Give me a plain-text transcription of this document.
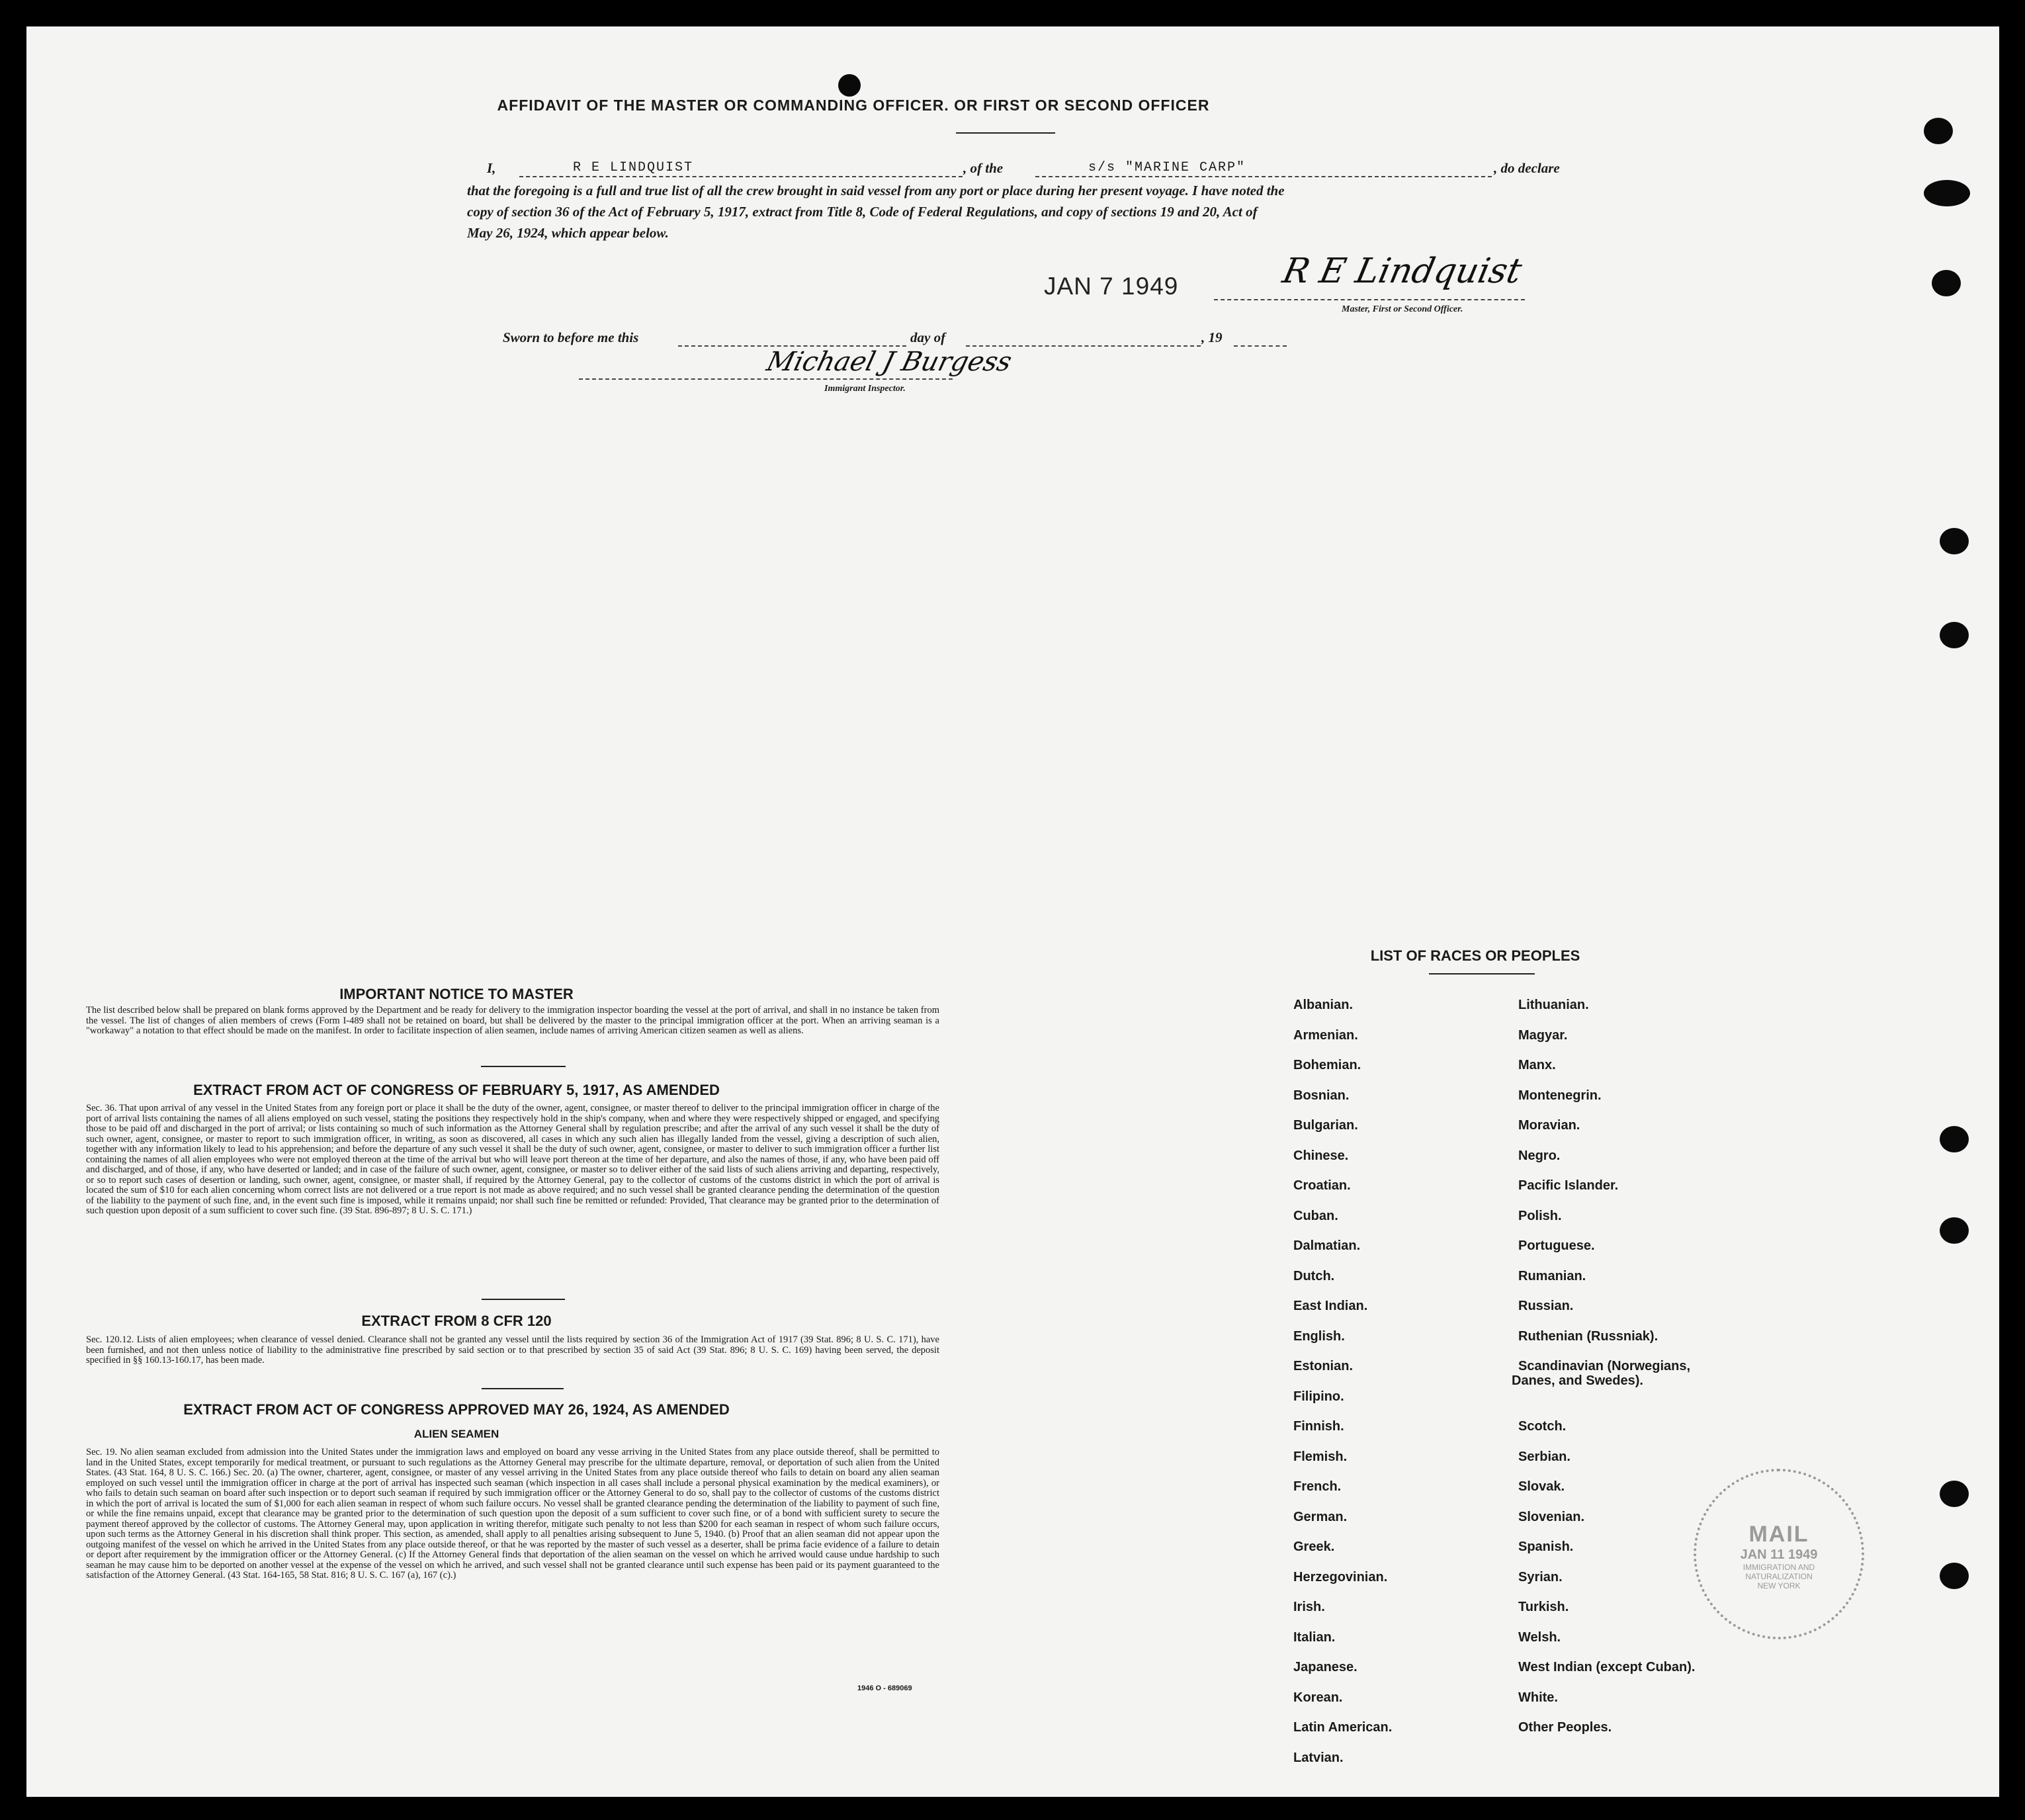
AFFIDAVIT OF THE MASTER OR COMMANDING OFFICER. OR FIRST OR SECOND OFFICER
I,	R E LINDQUIST	, of the	s/s "MARINE CARP"	, do declare
that the foregoing is a full and true list of all the crew brought in said vessel from any port or place during her present voyage. I have noted the
copy of section 36 of the Act of February 5, 1917, extract from Title 8, Code of Federal Regulations, and copy of sections 19 and 20, Act of
May 26, 1924, which appear below.
JAN 7 1949	R E Lindquist
Master, First or Second Officer.
Sworn to before me this	day of	, 19
Michael J Burgess
Immigrant Inspector.
IMPORTANT NOTICE TO MASTER
The list described below shall be prepared on blank forms approved by the Department and be ready for delivery to the immigration inspector boarding the vessel at the port of arrival, and shall in no instance be taken from the vessel. The list of changes of alien members of crews (Form I-489 shall not be retained on board, but shall be delivered by the master to the principal immigration officer at the port. When an arriving seaman is a "workaway" a notation to that effect should be made on the manifest. In order to facilitate inspection of alien seamen, include names of arriving American citizen seamen as well as aliens.
EXTRACT FROM ACT OF CONGRESS OF FEBRUARY 5, 1917, AS AMENDED
Sec. 36. That upon arrival of any vessel in the United States from any foreign port or place it shall be the duty of the owner, agent, consignee, or master thereof to deliver to the principal immigration officer in charge of the port of arrival lists containing the names of all aliens employed on such vessel, stating the positions they respectively hold in the ship's company, when and where they were respectively shipped or engaged, and specifying those to be paid off and discharged in the port of arrival; or lists containing so much of such information as the Attorney General shall by regulation prescribe; and after the arrival of any such vessel it shall be the duty of such owner, agent, consignee, or master to report to such immigration officer, in writing, as soon as discovered, all cases in which any such alien has illegally landed from the vessel, giving a description of such alien, together with any information likely to lead to his apprehension; and before the departure of any such vessel it shall be the duty of such owner, agent, consignee, or master to deliver to such immigration officer a further list containing the names of all alien employees who were not employed thereon at the time of the arrival but who will leave port thereon at the time of her departure, and also the names of those, if any, who have been paid off and discharged, and of those, if any, who have deserted or landed; and in case of the failure of such owner, agent, consignee, or master so to deliver either of the said lists of such aliens arriving and departing, respectively, or so to report such cases of desertion or landing, such owner, agent, consignee, or master shall, if required by the Attorney General, pay to the collector of customs of the customs district in which the port of arrival is located the sum of $10 for each alien concerning whom correct lists are not delivered or a true report is not made as above required; and no such vessel shall be granted clearance pending the determination of the question of the liability to the payment of such fine, and, in the event such fine is imposed, while it remains unpaid; nor shall such fine be remitted or refunded: Provided, That clearance may be granted prior to the determination of such question upon deposit of a sum sufficient to cover such fine. (39 Stat. 896-897; 8 U. S. C. 171.)
EXTRACT FROM 8 CFR 120
Sec. 120.12. Lists of alien employees; when clearance of vessel denied. Clearance shall not be granted any vessel until the lists required by section 36 of the Immigration Act of 1917 (39 Stat. 896; 8 U. S. C. 171), have been furnished, and not then unless notice of liability to the administrative fine prescribed by said section or to that prescribed by section 35 of said Act (39 Stat. 896; 8 U. S. C. 169) having been served, the deposit specified in §§ 160.13-160.17, has been made.
EXTRACT FROM ACT OF CONGRESS APPROVED MAY 26, 1924, AS AMENDED
ALIEN SEAMEN
Sec. 19. No alien seaman excluded from admission into the United States under the immigration laws and employed on board any vesse arriving in the United States from any place outside thereof, shall be permitted to land in the United States, except temporarily for medical treatment, or pursuant to such regulations as the Attorney General may prescribe for the ultimate departure, removal, or deportation of such alien from the United States. (43 Stat. 164, 8 U. S. C. 166.) Sec. 20. (a) The owner, charterer, agent, consignee, or master of any vessel arriving in the United States from any place outside thereof who fails to detain on board any alien seaman employed on such vessel until the immigration officer in charge at the port of arrival has inspected such seaman (which inspection in all cases shall include a personal physical examination by the medical examiners), or who fails to detain such seaman on board after such inspection or to deport such seaman if required by such immigration officer or the Attorney General to do so, shall pay to the collector of customs of the customs district in which the port of arrival is located the sum of $1,000 for each alien seaman in respect of whom such failure occurs. No vessel shall be granted clearance pending the determination of the liability to payment of such fine, or while the fine remains unpaid, except that clearance may be granted prior to the determination of such question upon the deposit of a sum sufficient to cover such fine, or of a bond with sufficient surety to secure the payment thereof approved by the collector of customs. The Attorney General may, upon application in writing therefor, mitigate such penalty to not less than $200 for each seaman in respect of whom such failure occurs, upon such terms as the Attorney General in his discretion shall think proper. This section, as amended, shall apply to all penalties arising subsequent to June 5, 1940. (b) Proof that an alien seaman did not appear upon the outgoing manifest of the vessel on which he arrived in the United States from any place outside thereof, or that he was reported by the master of such vessel as a deserter, shall be prima facie evidence of a failure to detain or deport after requirement by the immigration officer or the Attorney General. (c) If the Attorney General finds that deportation of the alien seaman on the vessel on which he arrived would cause undue hardship to such seaman he may cause him to be deported on another vessel at the expense of the vessel on which he arrived, and such vessel shall not be granted clearance until such expense has been paid or its payment guaranteed to the satisfaction of the Attorney General. (43 Stat. 164-165, 58 Stat. 816; 8 U. S. C. 167 (a), 167 (c).)
1946 O - 689069
LIST OF RACES OR PEOPLES
MAIL
JAN 11 1949
IMMIGRATION AND
NATURALIZATION
NEW YORK
Albanian.
Armenian.
Bohemian.
Bosnian.
Bulgarian.
Chinese.
Croatian.
Cuban.
Dalmatian.
Dutch.
East Indian.
English.
Estonian.
Filipino.
Finnish.
Flemish.
French.
German.
Greek.
Herzegovinian.
Irish.
Italian.
Japanese.
Korean.
Latin American.
Latvian.
Lithuanian.
Magyar.
Manx.
Montenegrin.
Moravian.
Negro.
Pacific Islander.
Polish.
Portuguese.
Rumanian.
Russian.
Ruthenian (Russniak).
Scandinavian (Norwegians,
Danes, and Swedes).
Scotch.
Serbian.
Slovak.
Slovenian.
Spanish.
Syrian.
Turkish.
Welsh.
West Indian (except Cuban).
White.
Other Peoples.
